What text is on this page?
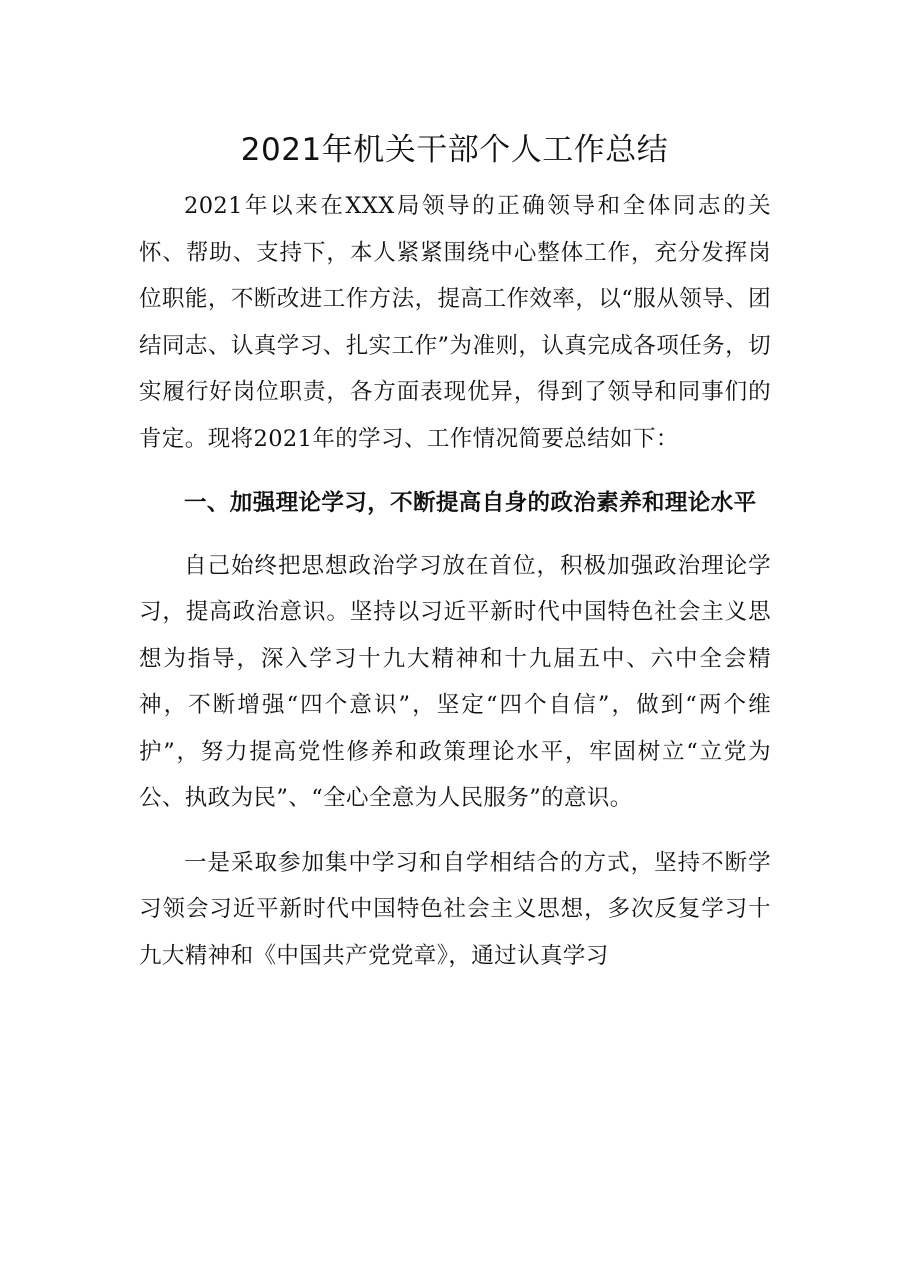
2021年机关干部个人工作总结

2021年以来在XXX局领导的正确领导和全体同志的关怀、帮助、支持下，本人紧紧围绕中心整体工作，充分发挥岗位职能，不断改进工作方法，提高工作效率，以“服从领导、团结同志、认真学习、扎实工作”为准则，认真完成各项任务，切实履行好岗位职责，各方面表现优异，得到了领导和同事们的肯定。现将2021年的学习、工作情况简要总结如下：

一、加强理论学习，不断提高自身的政治素养和理论水平

自己始终把思想政治学习放在首位，积极加强政治理论学习，提高政治意识。坚持以习近平新时代中国特色社会主义思想为指导，深入学习十九大精神和十九届五中、六中全会精神，不断增强“四个意识”，坚定“四个自信”，做到“两个维护”，努力提高党性修养和政策理论水平，牢固树立“立党为公、执政为民”、“全心全意为人民服务”的意识。

一是采取参加集中学习和自学相结合的方式，坚持不断学习领会习近平新时代中国特色社会主义思想，多次反复学习十九大精神和《中国共产党党章》，通过认真学习
